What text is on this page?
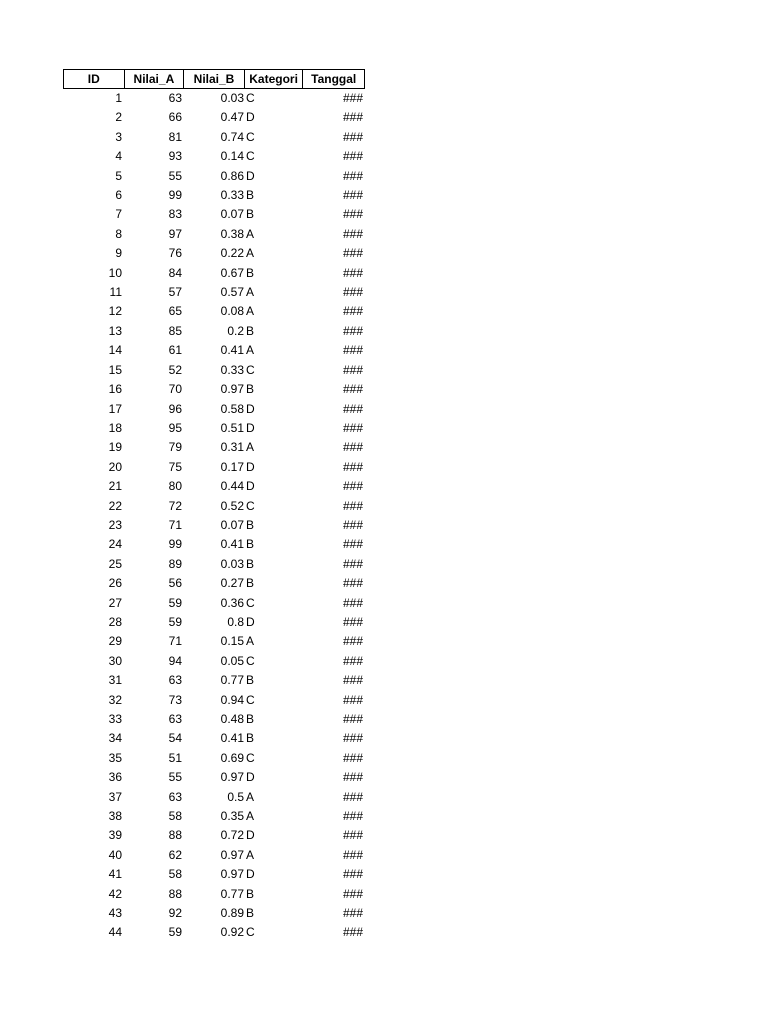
ID	Nilai_A	Nilai_B	Kategori	Tanggal
1	63	0.03 C	###
2	66	0.47 D	###
3	81	0.74 C	###
4	93	0.14 C	###
5	55	0.86 D	###
6	99	0.33 B	###
7	83	0.07 B	###
8	97	0.38 A	###
9	76	0.22 A	###
10	84	0.67 B	###
11	57	0.57 A	###
12	65	0.08 A	###
13	85	0.2 B	###
14	61	0.41 A	###
15	52	0.33 C	###
16	70	0.97 B	###
17	96	0.58 D	###
18	95	0.51 D	###
19	79	0.31 A	###
20	75	0.17 D	###
21	80	0.44 D	###
22	72	0.52 C	###
23	71	0.07 B	###
24	99	0.41 B	###
25	89	0.03 B	###
26	56	0.27 B	###
27	59	0.36 C	###
28	59	0.8 D	###
29	71	0.15 A	###
30	94	0.05 C	###
31	63	0.77 B	###
32	73	0.94 C	###
33	63	0.48 B	###
34	54	0.41 B	###
35	51	0.69 C	###
36	55	0.97 D	###
37	63	0.5 A	###
38	58	0.35 A	###
39	88	0.72 D	###
40	62	0.97 A	###
41	58	0.97 D	###
42	88	0.77 B	###
43	92	0.89 B	###
44	59	0.92 C	###
